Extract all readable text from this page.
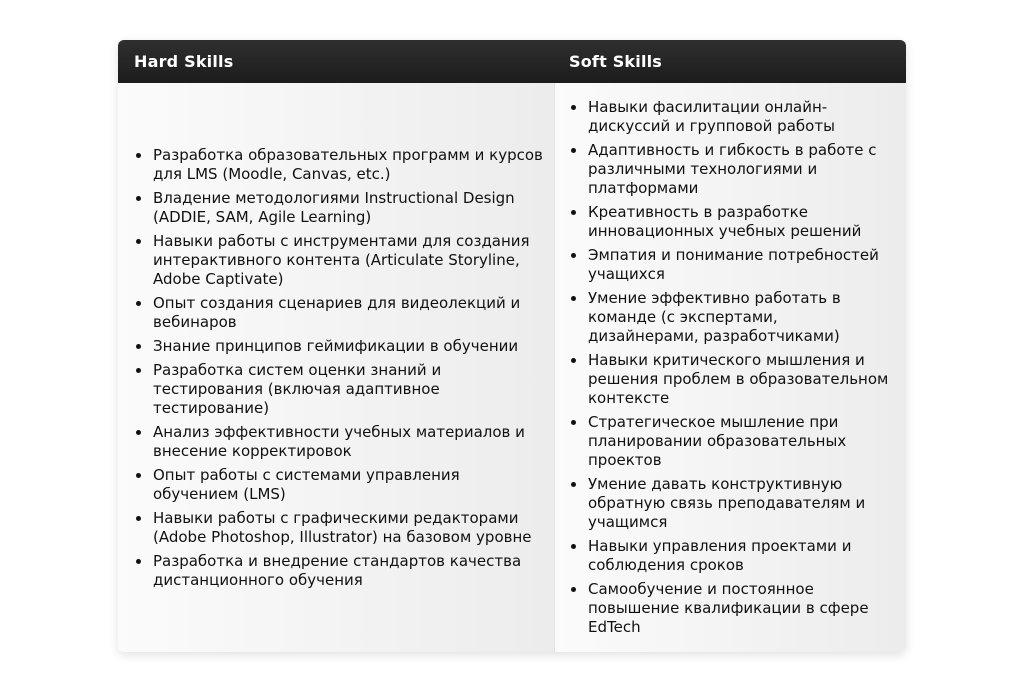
Hard Skills	Soft Skills
Разработка образовательных программ и курсов для LMS (Moodle, Canvas, etc.)
Владение методологиями Instructional Design (ADDIE, SAM, Agile Learning)
Навыки работы с инструментами для создания интерактивного контента (Articulate Storyline, Adobe Captivate)
Опыт создания сценариев для видеолекций и вебинаров
Знание принципов геймификации в обучении
Разработка систем оценки знаний и тестирования (включая адаптивное тестирование)
Анализ эффективности учебных материалов и внесение корректировок
Опыт работы с системами управления обучением (LMS)
Навыки работы с графическими редакторами (Adobe Photoshop, Illustrator) на базовом уровне
Разработка и внедрение стандартов качества дистанционного обучения
Навыки фасилитации онлайн-дискуссий и групповой работы
Адаптивность и гибкость в работе с различными технологиями и платформами
Креативность в разработке инновационных учебных решений
Эмпатия и понимание потребностей учащихся
Умение эффективно работать в команде (с экспертами, дизайнерами, разработчиками)
Навыки критического мышления и решения проблем в образовательном контексте
Стратегическое мышление при планировании образовательных проектов
Умение давать конструктивную обратную связь преподавателям и учащимся
Навыки управления проектами и соблюдения сроков
Самообучение и постоянное повышение квалификации в сфере EdTech
